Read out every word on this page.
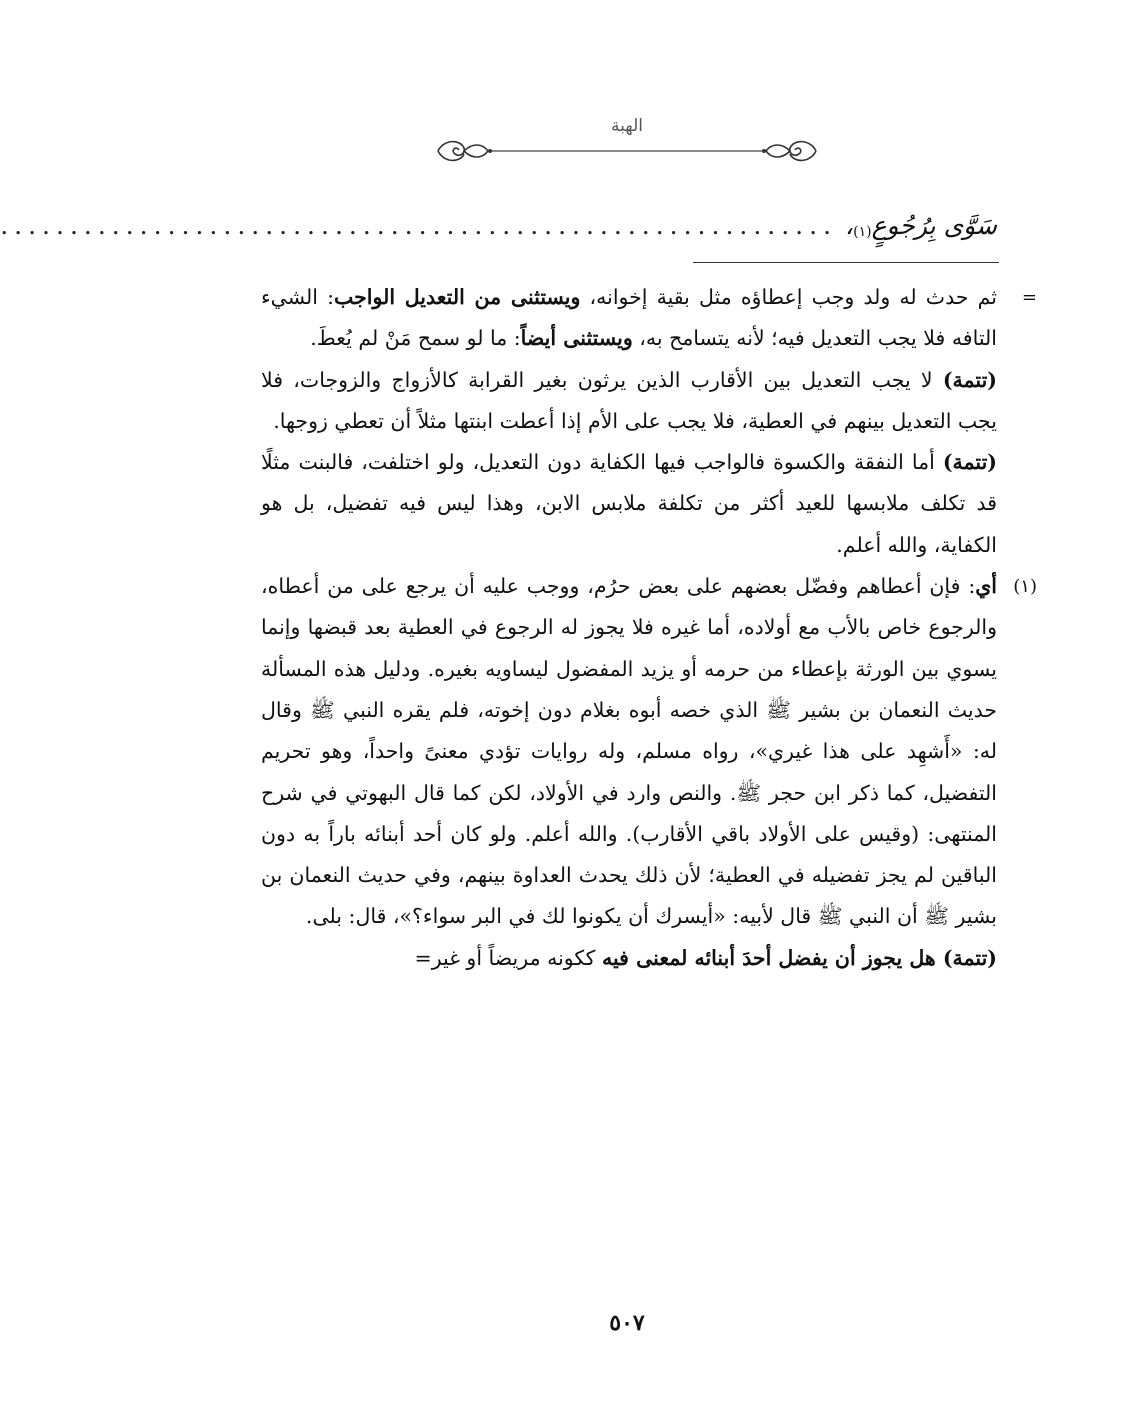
الهبة
سَوَّى بِرُجُوعٍ
(١)
،
............................................................
=
ثم حدث له ولد وجب إعطاؤه مثل بقية إخوانه، ويستثنى من التعديل الواجب: الشيء التافه فلا يجب التعديل فيه؛ لأنه يتسامح به، ويستثنى أيضاً: ما لو سمح مَنْ لم يُعطَ.
(تتمة) لا يجب التعديل بين الأقارب الذين يرثون بغير القرابة كالأزواج والزوجات، فلا يجب التعديل بينهم في العطية، فلا يجب على الأم إذا أعطت ابنتها مثلاً أن تعطي زوجها.
(تتمة) أما النفقة والكسوة فالواجب فيها الكفاية دون التعديل، ولو اختلفت، فالبنت مثلًا قد تكلف ملابسها للعيد أكثر من تكلفة ملابس الابن، وهذا ليس فيه تفضيل، بل هو الكفاية، والله أعلم.
(١)
أي: فإن أعطاهم وفضّل بعضهم على بعض حرُم، ووجب عليه أن يرجع على من أعطاه، والرجوع خاص بالأب مع أولاده، أما غيره فلا يجوز له الرجوع في العطية بعد قبضها وإنما يسوي بين الورثة بإعطاء من حرمه أو يزيد المفضول ليساويه بغيره. ودليل هذه المسألة حديث النعمان بن بشير ﷺ الذي خصه أبوه بغلام دون إخوته، فلم يقره النبي ﷺ وقال له: «أَشهِد على هذا غيري»، رواه مسلم، وله روايات تؤدي معنىً واحداً، وهو تحريم التفضيل، كما ذكر ابن حجر ﷺ. والنص وارد في الأولاد، لكن كما قال البهوتي في شرح المنتهى: (وقيس على الأولاد باقي الأقارب). والله أعلم. ولو كان أحد أبنائه باراً به دون الباقين لم يجز تفضيله في العطية؛ لأن ذلك يحدث العداوة بينهم، وفي حديث النعمان بن بشير ﷺ أن النبي ﷺ قال لأبيه: «أيسرك أن يكونوا لك في البر سواء؟»، قال: بلى.
(تتمة) هل يجوز أن يفضل أحدَ أبنائه لمعنى فيه ككونه مريضاً أو غير=
٥٠٧
